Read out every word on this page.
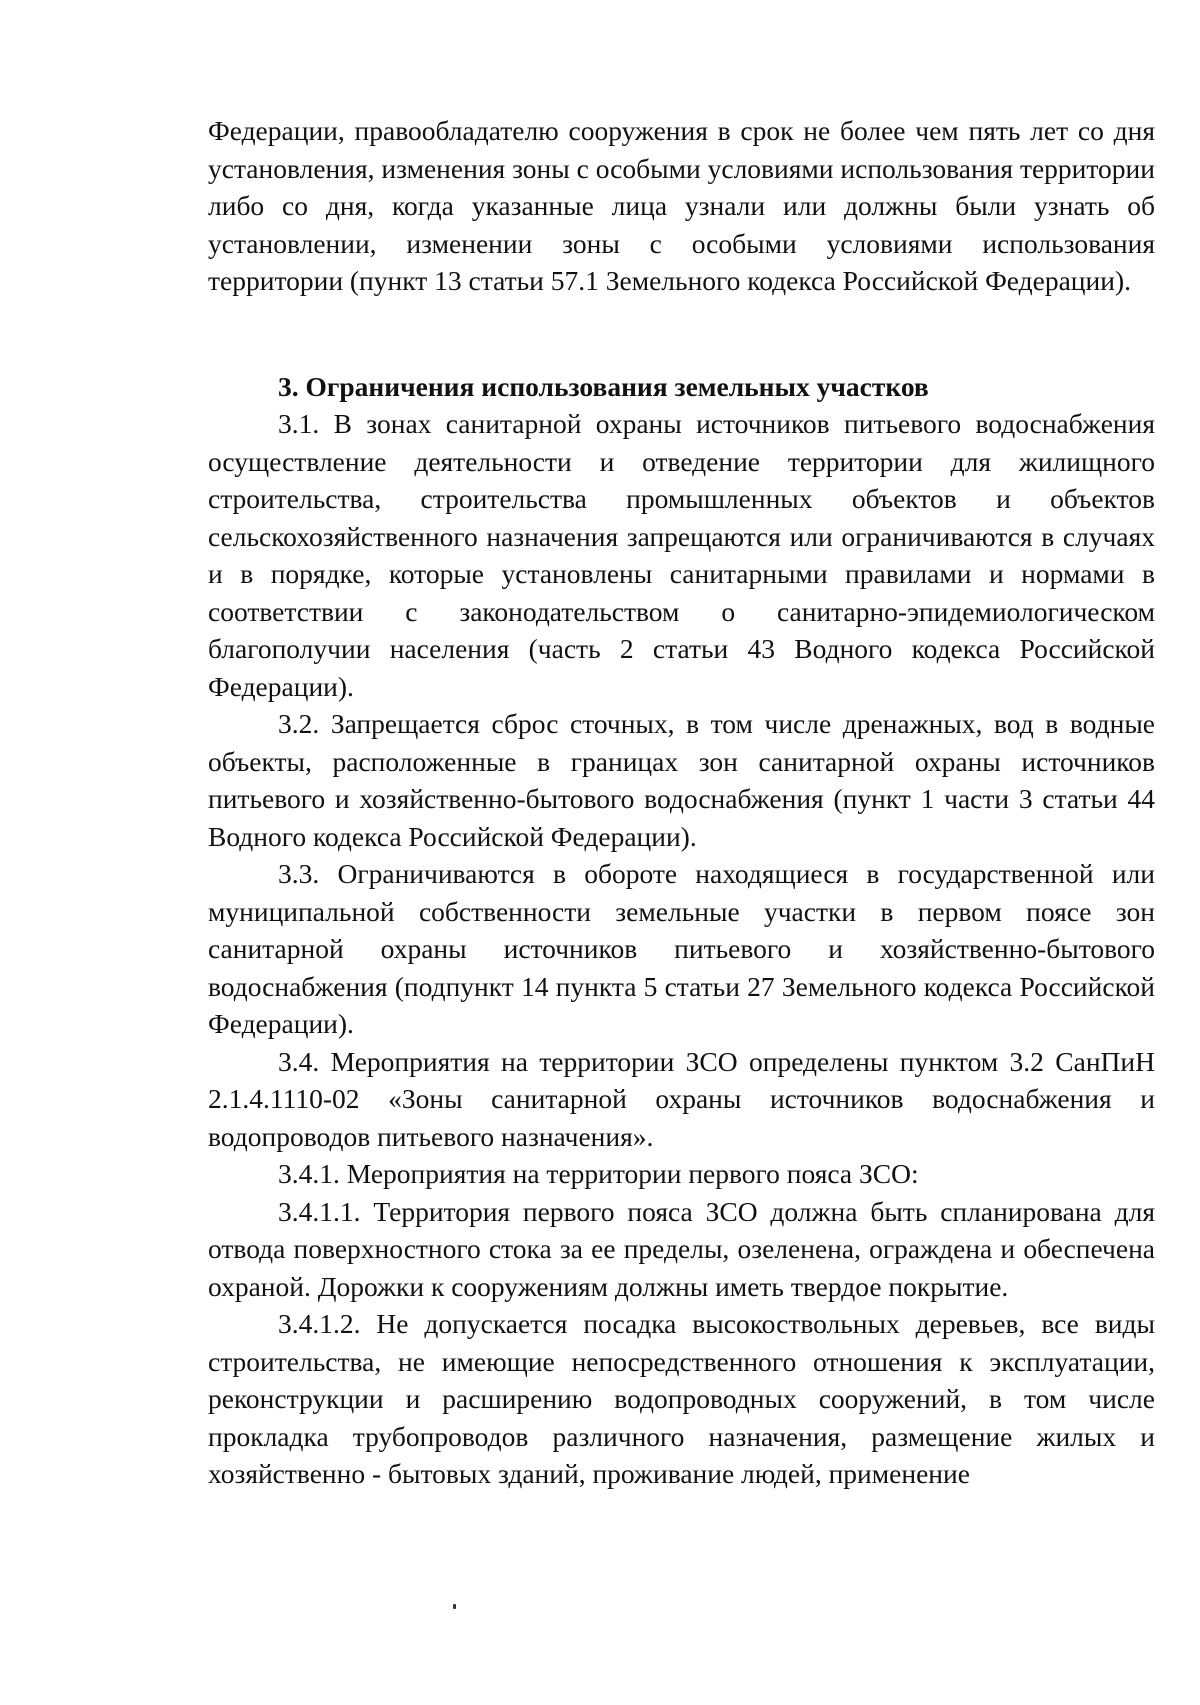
Федерации, правообладателю сооружения в срок не более чем пять лет со дня установления, изменения зоны с особыми условиями использования территории либо со дня, когда указанные лица узнали или должны были узнать об установлении, изменении зоны с особыми условиями использования территории (пункт 13 статьи 57.1 Земельного кодекса Российской Федерации).

3. Ограничения использования земельных участков

3.1. В зонах санитарной охраны источников питьевого водоснабжения осуществление деятельности и отведение территории для жилищного строительства, строительства промышленных объектов и объектов сельскохозяйственного назначения запрещаются или ограничиваются в случаях и в порядке, которые установлены санитарными правилами и нормами в соответствии с законодательством о санитарно-эпидемиологическом благополучии населения (часть 2 статьи 43 Водного кодекса Российской Федерации).

3.2. Запрещается сброс сточных, в том числе дренажных, вод в водные объекты, расположенные в границах зон санитарной охраны источников питьевого и хозяйственно-бытового водоснабжения (пункт 1 части 3 статьи 44 Водного кодекса Российской Федерации).

3.3. Ограничиваются в обороте находящиеся в государственной или муниципальной собственности земельные участки в первом поясе зон санитарной охраны источников питьевого и хозяйственно-бытового водоснабжения (подпункт 14 пункта 5 статьи 27 Земельного кодекса Российской Федерации).

3.4. Мероприятия на территории ЗСО определены пунктом 3.2 СанПиН 2.1.4.1110-02 «Зоны санитарной охраны источников водоснабжения и водопроводов питьевого назначения».

3.4.1. Мероприятия на территории первого пояса ЗСО:

3.4.1.1. Территория первого пояса ЗСО должна быть спланирована для отвода поверхностного стока за ее пределы, озеленена, ограждена и обеспечена охраной. Дорожки к сооружениям должны иметь твердое покрытие.

3.4.1.2. Не допускается посадка высокоствольных деревьев, все виды строительства, не имеющие непосредственного отношения к эксплуатации, реконструкции и расширению водопроводных сооружений, в том числе прокладка трубопроводов различного назначения, размещение жилых и хозяйственно - бытовых зданий, проживание людей, применение
